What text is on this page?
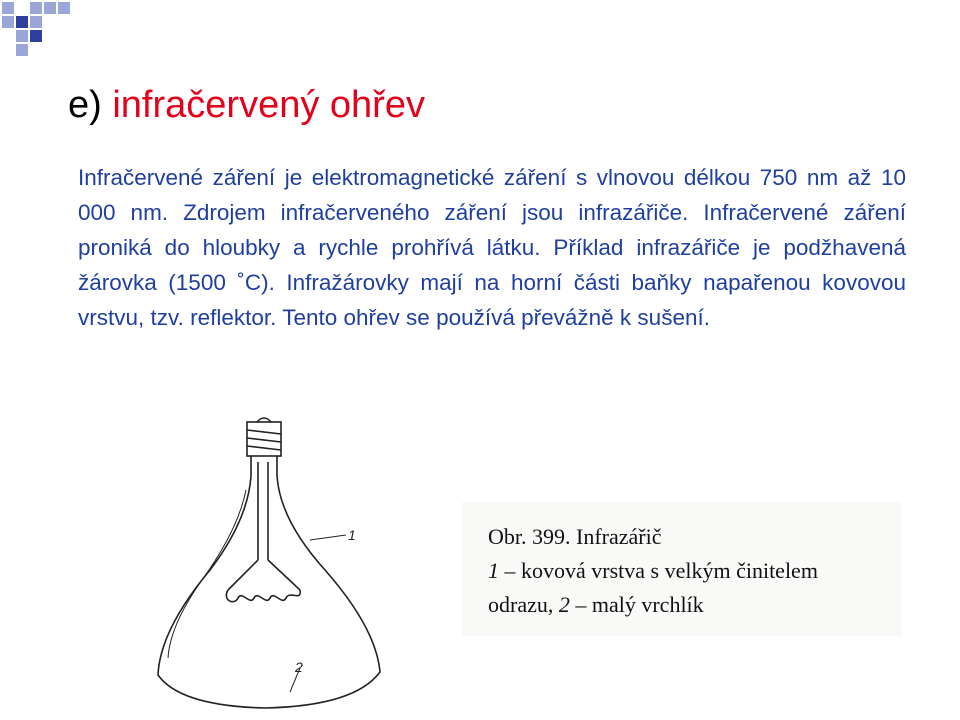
e) infračervený ohřev

Infračervené záření je elektromagnetické záření s vlnovou délkou 750 nm až 10 000 nm. Zdrojem infračerveného záření jsou infrazářiče. Infračervené záření proniká do hloubky a rychle prohřívá látku. Příklad infrazářiče je podžhavená žárovka (1500 ˚C). Infražárovky mají na horní části baňky napařenou kovovou vrstvu, tzv. reflektor. Tento ohřev se používá převážně k sušení.

1
2
Obr. 399. Infrazářič
1 – kovová vrstva s velkým činitelem
odrazu, 2 – malý vrchlík
